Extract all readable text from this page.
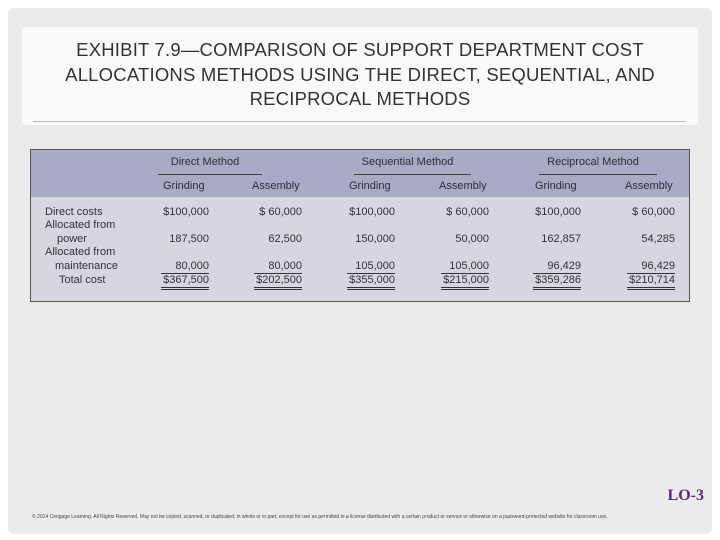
EXHIBIT 7.9—COMPARISON OF SUPPORT DEPARTMENT COST ALLOCATIONS METHODS USING THE DIRECT, SEQUENTIAL, AND RECIPROCAL METHODS
Direct Method	Sequential Method	Reciprocal Method
Grinding	Assembly	Grinding	Assembly	Grinding	Assembly
Direct costs	$100,000	$ 60,000	$100,000	$ 60,000	$100,000	$ 60,000
Allocated from
power	187,500	62,500	150,000	50,000	162,857	54,285
Allocated from
maintenance	80,000	80,000	105,000	105,000	96,429	96,429
Total cost	$367,500	$202,500	$355,000	$215,000	$359,286	$210,714
LO-3
© 2014 Cengage Learning. All Rights Reserved. May not be copied, scanned, or duplicated, in whole or in part, except for use as permitted in a license distributed with a certain product or service or otherwise on a password-protected website for classroom use.
